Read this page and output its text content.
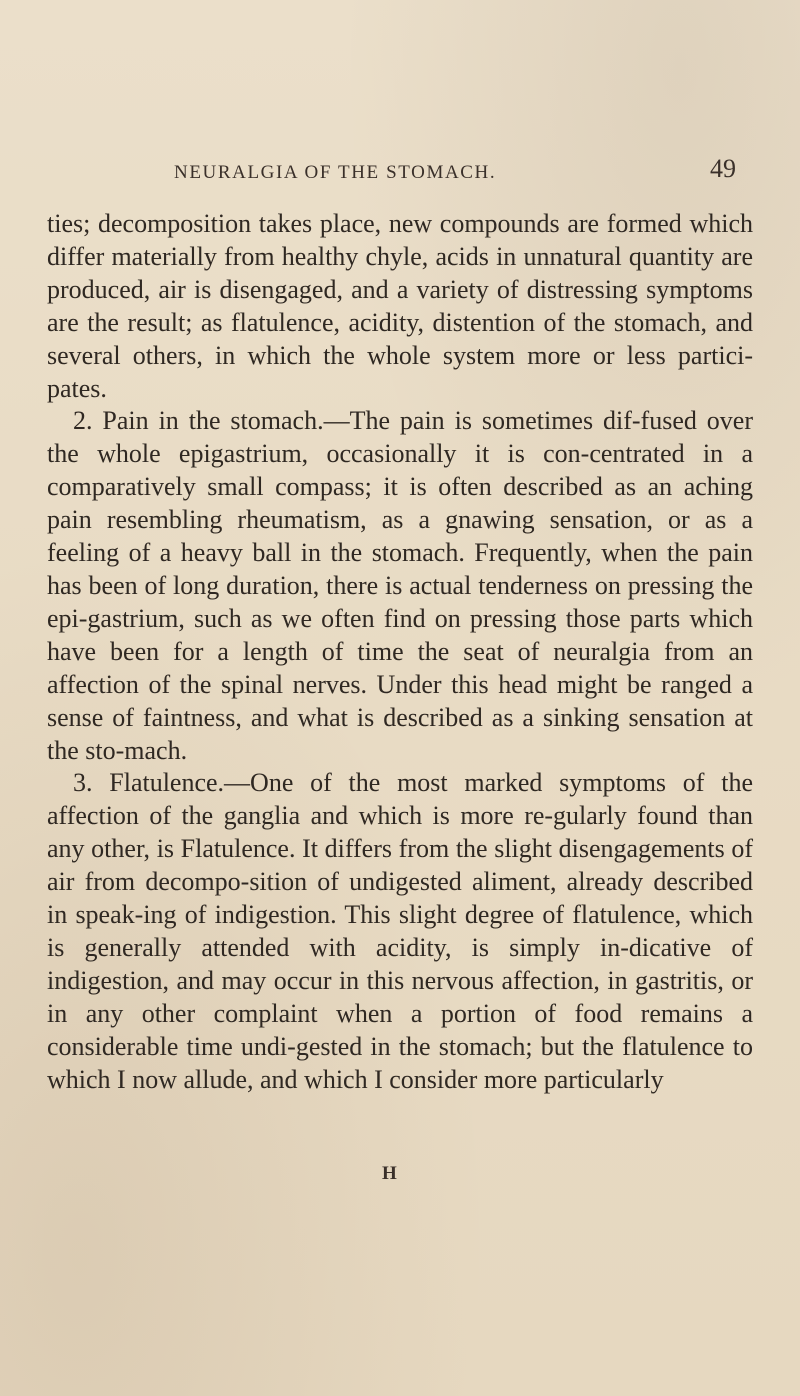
NEURALGIA OF THE STOMACH.	49

ties; decomposition takes place, new compounds are formed which differ materially from healthy chyle, acids in unnatural quantity are produced, air is disengaged, and a variety of distressing symptoms are the result; as flatulence, acidity, distention of the stomach, and several others, in which the whole system more or less partici-pates.

2. Pain in the stomach.—The pain is sometimes dif-fused over the whole epigastrium, occasionally it is con-centrated in a comparatively small compass; it is often described as an aching pain resembling rheumatism, as a gnawing sensation, or as a feeling of a heavy ball in the stomach. Frequently, when the pain has been of long duration, there is actual tenderness on pressing the epi-gastrium, such as we often find on pressing those parts which have been for a length of time the seat of neuralgia from an affection of the spinal nerves. Under this head might be ranged a sense of faintness, and what is described as a sinking sensation at the sto-mach.

3. Flatulence.—One of the most marked symptoms of the affection of the ganglia and which is more re-gularly found than any other, is Flatulence. It differs from the slight disengagements of air from decompo-sition of undigested aliment, already described in speak-ing of indigestion. This slight degree of flatulence, which is generally attended with acidity, is simply in-dicative of indigestion, and may occur in this nervous affection, in gastritis, or in any other complaint when a portion of food remains a considerable time undi-gested in the stomach; but the flatulence to which I now allude, and which I consider more particularly

H
